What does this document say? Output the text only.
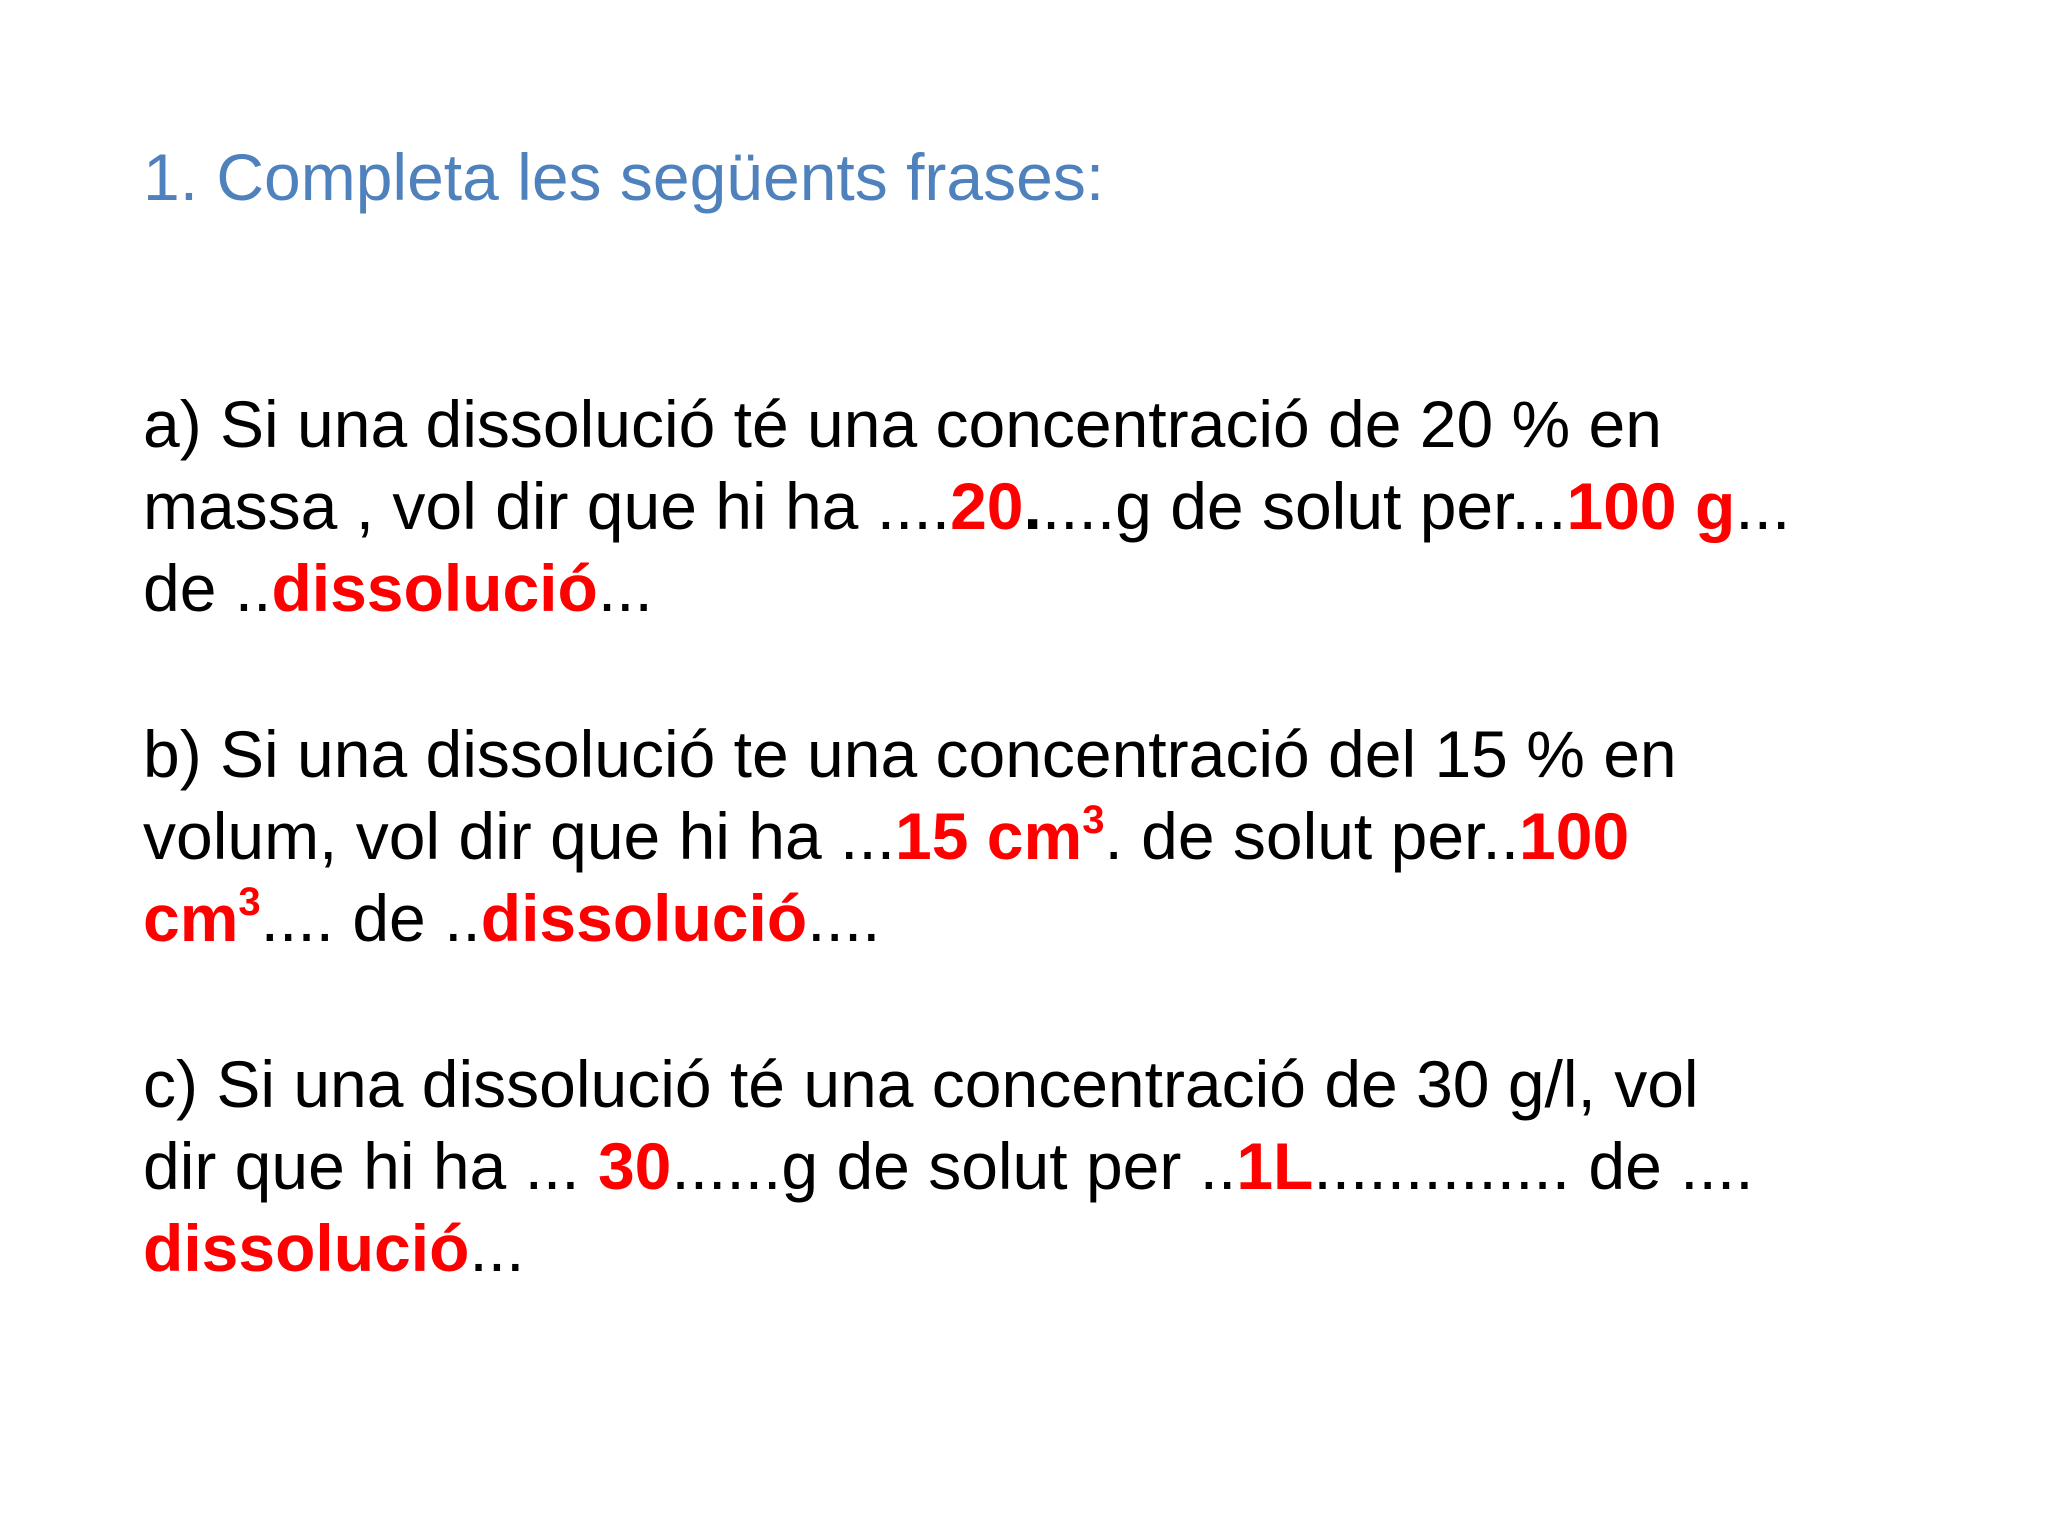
1. Completa les següents frases:
a) Si una dissolució té una concentració de 20 % en
massa , vol dir que hi ha ....20.....g de solut per...100 g...
de ..dissolució...
b) Si una dissolució te una concentració del 15 % en
volum, vol dir que hi ha ...15 $cm^3$. de solut per..100
$cm^3$.... de ..dissolució....
c) Si una dissolució té una concentració de 30 g/l, vol
dir que hi ha ... 30......g de solut per ..1L.............. de ....
dissolució...
